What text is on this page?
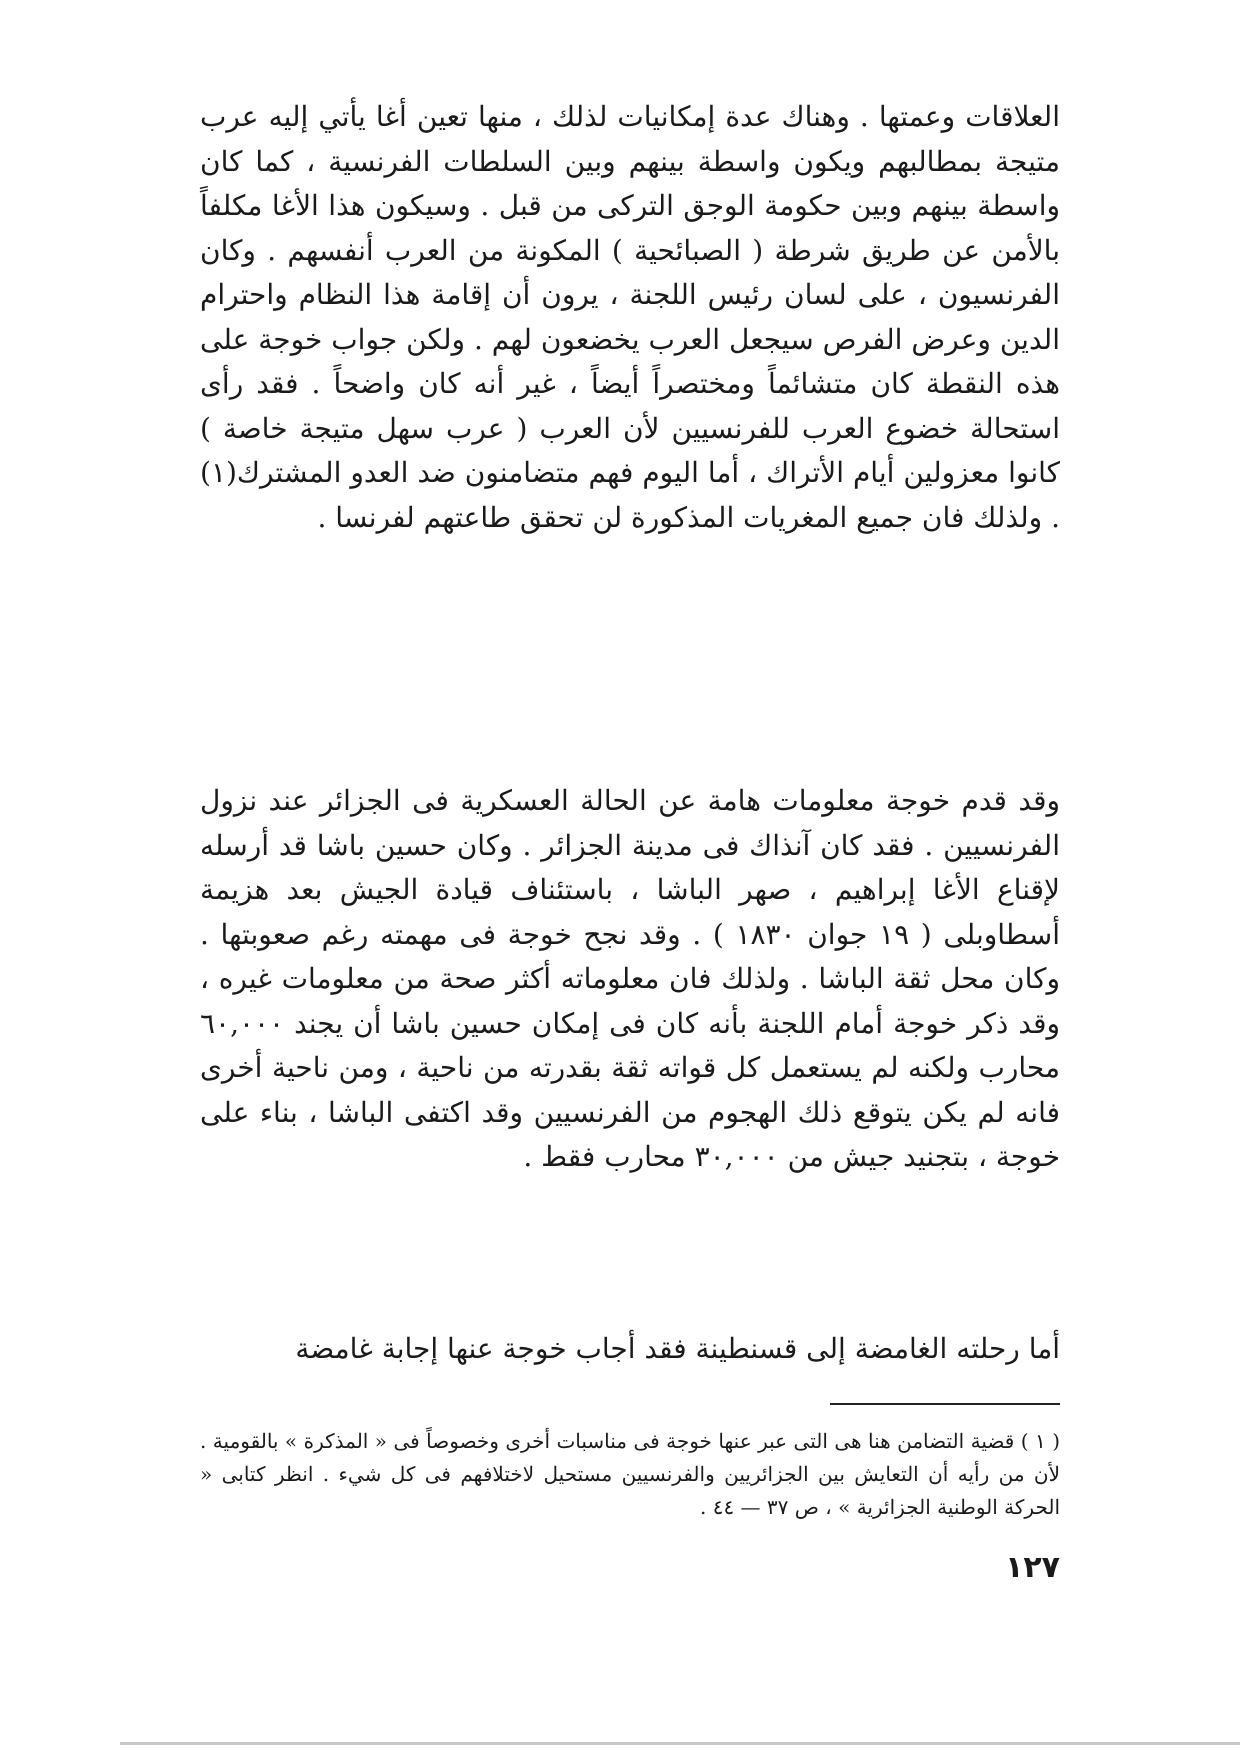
العلاقات وعمتها . وهناك عدة إمكانيات لذلك ، منها تعين أغا يأتي إليه عرب متيجة بمطالبهم ويكون واسطة بينهم وبين السلطات الفرنسية ، كما كان واسطة بينهم وبين حكومة الوجق التركى من قبل . وسيكون هذا الأغا مكلفاً بالأمن عن طريق شرطة ( الصبائحية ) المكونة من العرب أنفسهم . وكان الفرنسيون ، على لسان رئيس اللجنة ، يرون أن إقامة هذا النظام واحترام الدين وعرض الفرص سيجعل العرب يخضعون لهم . ولكن جواب خوجة على هذه النقطة كان متشائماً ومختصراً أيضاً ، غير أنه كان واضحاً . فقد رأى استحالة خضوع العرب للفرنسيين لأن العرب ( عرب سهل متيجة خاصة ) كانوا معزولين أيام الأتراك ، أما اليوم فهم متضامنون ضد العدو المشترك(١) . ولذلك فان جميع المغريات المذكورة لن تحقق طاعتهم لفرنسا .

وقد قدم خوجة معلومات هامة عن الحالة العسكرية فى الجزائر عند نزول الفرنسيين . فقد كان آنذاك فى مدينة الجزائر . وكان حسين باشا قد أرسله لإقناع الأغا إبراهيم ، صهر الباشا ، باستئناف قيادة الجيش بعد هزيمة أسطاوبلى ( ١٩ جوان ١٨٣٠ ) . وقد نجح خوجة فى مهمته رغم صعوبتها . وكان محل ثقة الباشا . ولذلك فان معلوماته أكثر صحة من معلومات غيره ، وقد ذكر خوجة أمام اللجنة بأنه كان فى إمكان حسين باشا أن يجند ٦٠,٠٠٠ محارب ولكنه لم يستعمل كل قواته ثقة بقدرته من ناحية ، ومن ناحية أخرى فانه لم يكن يتوقع ذلك الهجوم من الفرنسيين وقد اكتفى الباشا ، بناء على خوجة ، بتجنيد جيش من ٣٠,٠٠٠ محارب فقط .

أما رحلته الغامضة إلى قسنطينة فقد أجاب خوجة عنها إجابة غامضة

( ١ ) قضية التضامن هنا هى التى عبر عنها خوجة فى مناسبات أخرى وخصوصاً فى « المذكرة » بالقومية . لأن من رأيه أن التعايش بين الجزائريين والفرنسيين مستحيل لاختلافهم فى كل شيء . انظر كتابى « الحركة الوطنية الجزائرية » ، ص ٣٧ — ٤٤ .

١٢٧
